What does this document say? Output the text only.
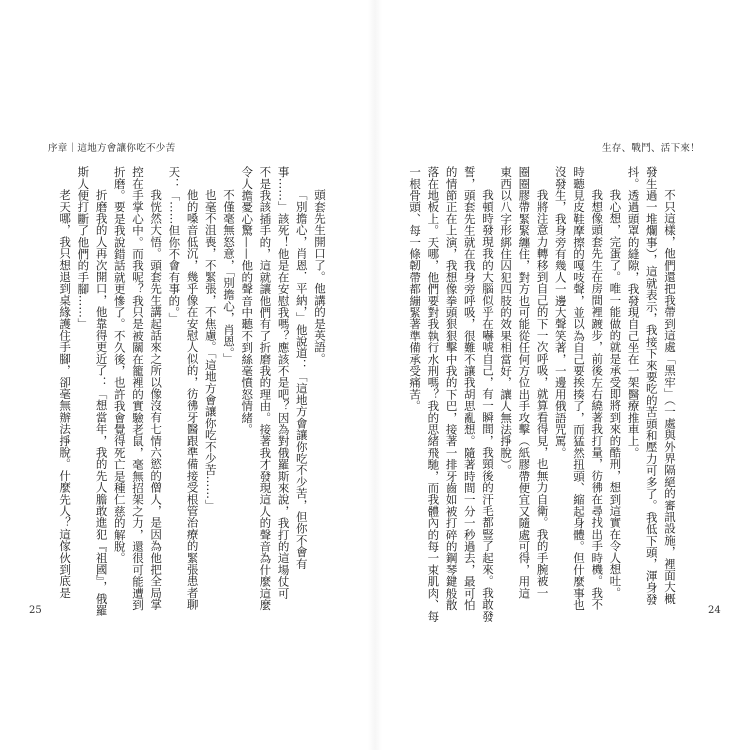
序章｜這地方會讓你吃不少苦
頭套先生開口了。他講的是英語。
「別擔心，肖恩．平納，」他說道：「這地方會讓你吃不少苦，但你不會有
事……」該死！他是在安慰我嗎？應該不是吧？因為對俄羅斯來說，我打的這場仗可
不是我該插手的，這就讓他們有了折磨我的理由。接著我才發現這人的聲音為什麼這麼
令人擔憂心驚——他的聲音中聽不到絲毫憤怒情緒。
不僅毫無怒意，「別擔心，肖恩。」
也毫不沮喪，不緊張，不焦慮。「這地方會讓你吃不少苦……」
他的嗓音低沉，幾乎像在安慰人似的，彷彿牙醫跟準備接受根管治療的緊張患者聊
天：「……但你不會有事的。」
我恍然大悟。頭套先生講起話來之所以像沒有七情六慾的僧人，是因為他把全局掌
控在手掌心中。而我呢？我只是被關在籠裡的實驗老鼠，毫無招架之力，還很可能遭到
折磨。要是我說錯話就更慘了。不久後，也許我會覺得死亡是種仁慈的解脫。
折磨我的人再次開口，他靠得更近了：「想當年，我的先人膽敢進犯『祖國』，俄羅
斯人便打斷了他們的手腳……」
老天哪，我只想退到桌緣護住手腳，卻毫無辦法掙脫。什麼先人？這傢伙到底是
25
生存、戰鬥、活下來！
不只這樣，他們還把我帶到這處「黑牢」（一處與外界隔絕的審訊設施，裡面大概
發生過一堆爛事），這就表示，我接下來要吃的苦頭和壓力可多了。我低下頭，渾身發
抖。透過頭罩的縫隙，我發現自己坐在一架醫療推車上。
我心想，完蛋了。唯一能做的就是承受即將到來的酷刑，想到這實在令人想吐。
我想像頭套先生在房間裡踱步，前後左右繞著我打量，彷彿在尋找出手時機。我不
時聽見皮鞋摩擦的嘎吱聲，並以為自己要挨揍了，而猛然扭頭、縮起身體。但什麼事也
沒發生，我身旁有幾人一邊大聲笑著，一邊用俄語咒罵。
我將注意力轉移到自己的下一次呼吸，就算看得見，也無力自衛。我的手腕被一
圈圈膠帶緊緊纏住，對方也可能從任何方位出手攻擊（紙膠帶便宜又隨處可得，用這
東西以八字形綁住囚犯四肢的效果相當好，讓人無法掙脫）。
我頓時發現我的大腦似乎在嚇唬自己，有一瞬間，我頸後的汗毛都豎了起來。我敢發
誓，頭套先生就在我身旁呼吸，很難不讓我胡思亂想。隨著時間一分一秒過去，最可怕
的情節正在上演，我想像拳頭狠狠擊中我的下巴，接著一排牙齒如被打碎的鋼琴鍵般散
落在地板上。天哪，他們要對我執行水刑嗎？我的思緒飛馳，而我體內的每一束肌肉、每
一根骨頭、每一條韌帶都繃緊著準備承受痛苦。
24
